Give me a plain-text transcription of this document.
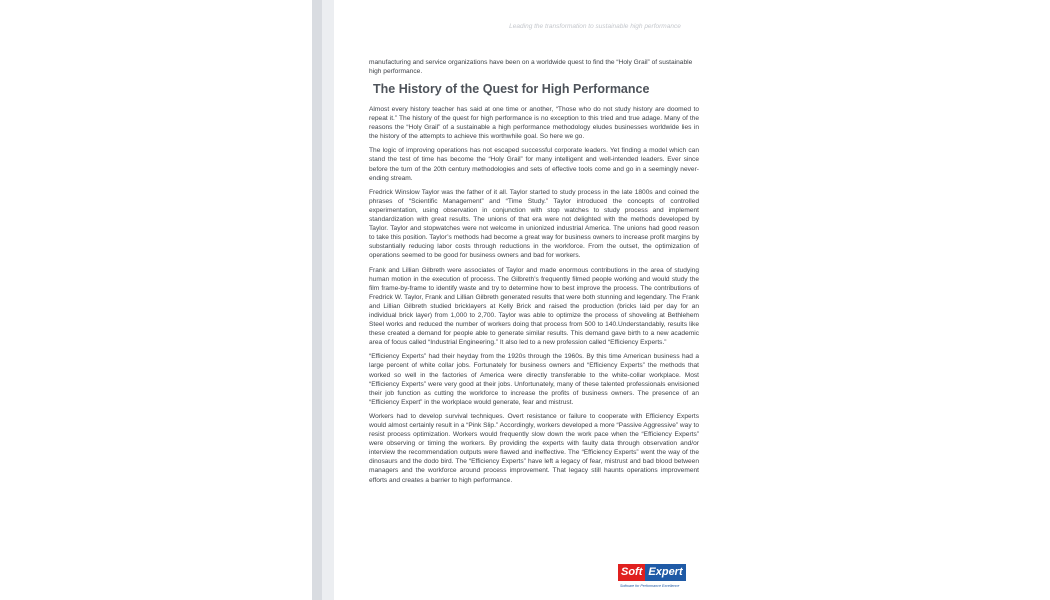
Leading the transformation to sustainable high performance

manufacturing and service organizations have been on a worldwide quest to find the “Holy Grail” of sustainable high performance.

The History of the Quest for High Performance

Almost every history teacher has said at one time or another, “Those who do not study history are doomed to repeat it.” The history of the quest for high performance is no exception to this tried and true adage. Many of the reasons the “Holy Grail” of a sustainable a high performance methodology eludes businesses worldwide lies in the history of the attempts to achieve this worthwhile goal. So here we go.

The logic of improving operations has not escaped successful corporate leaders. Yet finding a model which can stand the test of time has become the “Holy Grail” for many intelligent and well-intended leaders. Ever since before the turn of the 20th century methodologies and sets of effective tools come and go in a seemingly never-ending stream.

Fredrick Winslow Taylor was the father of it all. Taylor started to study process in the late 1800s and coined the phrases of “Scientific Management” and “Time Study.” Taylor introduced the concepts of controlled experimentation, using observation in conjunction with stop watches to study process and implement standardization with great results. The unions of that era were not delighted with the methods developed by Taylor. Taylor and stopwatches were not welcome in unionized industrial America. The unions had good reason to take this position. Taylor’s methods had become a great way for business owners to increase profit margins by substantially reducing labor costs through reductions in the workforce. From the outset, the optimization of operations seemed to be good for business owners and bad for workers.

Frank and Lillian Gilbreth were associates of Taylor and made enormous contributions in the area of studying human motion in the execution of process. The Gilbreth’s frequently filmed people working and would study the film frame-by-frame to identify waste and try to determine how to best improve the process. The contributions of Fredrick W. Taylor, Frank and Lillian Gilbreth generated results that were both stunning and legendary. The Frank and Lillian Gilbreth studied bricklayers at Kelly Brick and raised the production (bricks laid per day for an individual brick layer) from 1,000 to 2,700. Taylor was able to optimize the process of shoveling at Bethlehem Steel works and reduced the number of workers doing that process from 500 to 140.Understandably, results like these created a demand for people able to generate similar results. This demand gave birth to a new academic area of focus called “Industrial Engineering.” It also led to a new profession called “Efficiency Experts.”

“Efficiency Experts” had their heyday from the 1920s through the 1960s. By this time American business had a large percent of white collar jobs. Fortunately for business owners and “Efficiency Experts” the methods that worked so well in the factories of America were directly transferable to the white-collar workplace. Most “Efficiency Experts” were very good at their jobs. Unfortunately, many of these talented professionals envisioned their job function as cutting the workforce to increase the profits of business owners. The presence of an “Efficiency Expert” in the workplace would generate, fear and mistrust.

Workers had to develop survival techniques. Overt resistance or failure to cooperate with Efficiency Experts would almost certainly result in a “Pink Slip.” Accordingly, workers developed a more “Passive Aggressive” way to resist process optimization. Workers would frequently slow down the work pace when the “Efficiency Experts” were observing or timing the workers. By providing the experts with faulty data through observation and/or interview the recommendation outputs were flawed and ineffective. The “Efficiency Experts” went the way of the dinosaurs and the dodo bird. The “Efficiency Experts” have left a legacy of fear, mistrust and bad blood between managers and the workforce around process improvement. That legacy still haunts operations improvement efforts and creates a barrier to high performance.

Soft Expert
Software for Performance Excellence
